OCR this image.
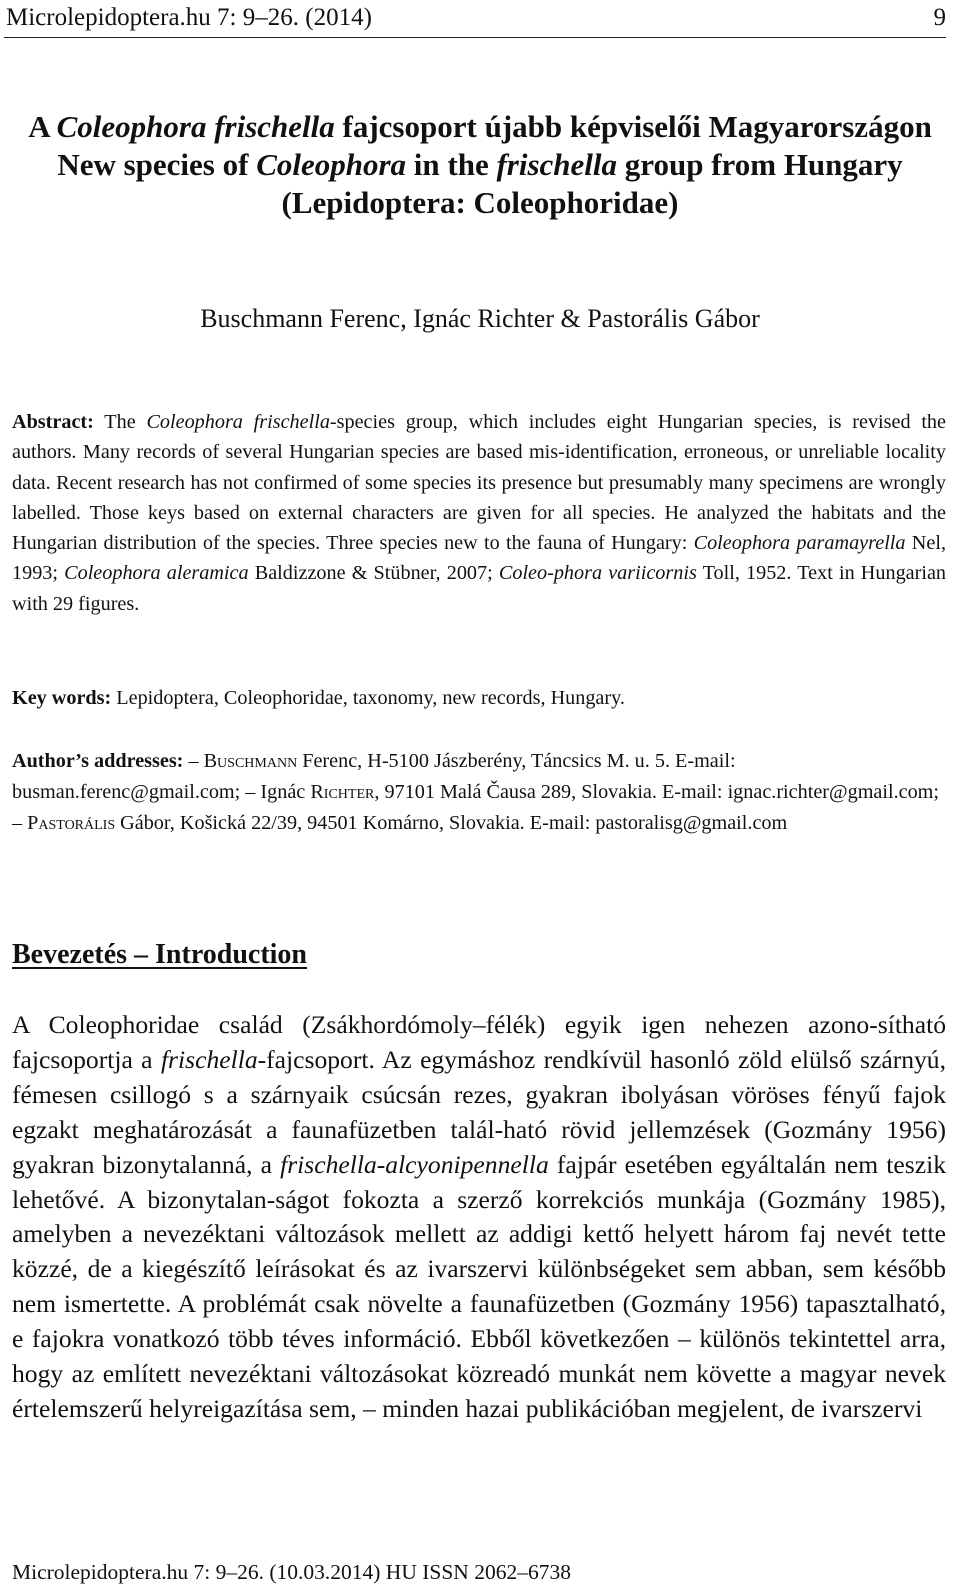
Microlepidoptera.hu 7: 9–26. (2014)	9
A Coleophora frischella fajcsoport újabb képviselői Magyarországon
New species of Coleophora in the frischella group from Hungary (Lepidoptera: Coleophoridae)
Buschmann Ferenc, Ignác Richter & Pastorális Gábor
Abstract: The Coleophora frischella-species group, which includes eight Hungarian species, is revised the authors. Many records of several Hungarian species are based mis-identification, erroneous, or unreliable locality data. Recent research has not confirmed of some species its presence but presumably many specimens are wrongly labelled. Those keys based on external characters are given for all species. He analyzed the habitats and the Hungarian distribution of the species. Three species new to the fauna of Hungary: Coleophora paramayrella Nel, 1993; Coleophora aleramica Baldizzone & Stübner, 2007; Coleo-phora variicornis Toll, 1952. Text in Hungarian with 29 figures.
Key words: Lepidoptera, Coleophoridae, taxonomy, new records, Hungary.
Author’s addresses: – Buschmann Ferenc, H-5100 Jászberény, Táncsics M. u. 5. E-mail: busman.ferenc@gmail.com; – Ignác Richter, 97101 Malá Čausa 289, Slovakia. E-mail: ignac.richter@gmail.com; – Pastorális Gábor, Košická 22/39, 94501 Komárno, Slovakia. E-mail: pastoralisg@gmail.com
Bevezetés – Introduction
A Coleophoridae család (Zsákhordómoly–félék) egyik igen nehezen azono-sítható fajcsoportja a frischella-fajcsoport. Az egymáshoz rendkívül hasonló zöld elülső szárnyú, fémesen csillogó s a szárnyaik csúcsán rezes, gyakran ibolyásan vöröses fényű fajok egzakt meghatározását a faunafüzetben talál-ható rövid jellemzések (Gozmány 1956) gyakran bizonytalanná, a frischella-alcyonipennella fajpár esetében egyáltalán nem teszik lehetővé. A bizonytalan-ságot fokozta a szerző korrekciós munkája (Gozmány 1985), amelyben a nevezéktani változások mellett az addigi kettő helyett három faj nevét tette közzé, de a kiegészítő leírásokat és az ivarszervi különbségeket sem abban, sem később nem ismertette. A problémát csak növelte a faunafüzetben (Gozmány 1956) tapasztalható, e fajokra vonatkozó több téves információ. Ebből következően – különös tekintettel arra, hogy az említett nevezéktani változásokat közreadó munkát nem követte a magyar nevek értelemszerű helyreigazítása sem, – minden hazai publikációban megjelent, de ivarszervi
Microlepidoptera.hu 7: 9–26. (10.03.2014) HU ISSN 2062–6738
